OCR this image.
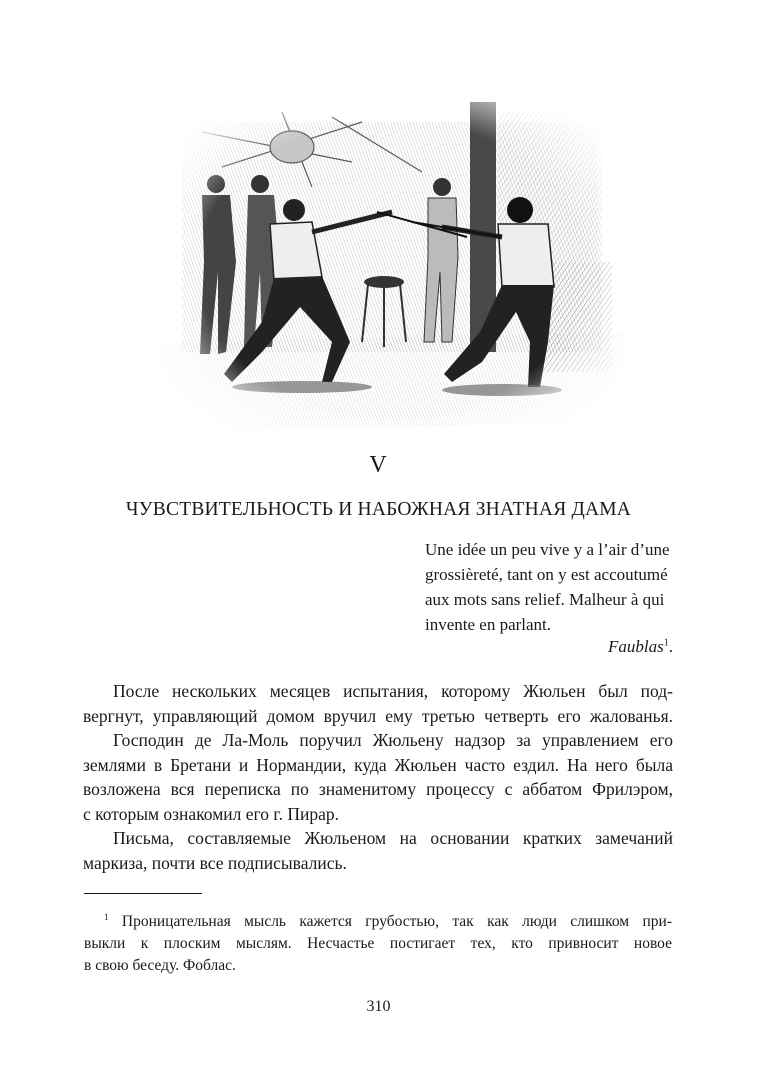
V
ЧУВСТВИТЕЛЬНОСТЬ И НАБОЖНАЯ ЗНАТНАЯ ДАМА
Une idée un peu vive y a l’air d’une
grossièreté, tant on y est accoutumé
aux mots sans relief. Malheur à qui
invente en parlant.
Faublas$^1$.
После нескольких месяцев испытания, которому Жюльен был под-
вергнут, управляющий домом вручил ему третью четверть его жалованья.
Господин де Ла-Моль поручил Жюльену надзор за управлением его
землями в Бретани и Нормандии, куда Жюльен часто ездил. На него была
возложена вся переписка по знаменитому процессу с аббатом Фрилэром,
с которым ознакомил его г. Пирар.
Письма, составляемые Жюльеном на основании кратких замечаний
маркиза, почти все подписывались.
$^1$ Проницательная мысль кажется грубостью, так как люди слишком при-
выкли к плоским мыслям. Несчастье постигает тех, кто привносит новое
в свою беседу. Фоблас.
310
